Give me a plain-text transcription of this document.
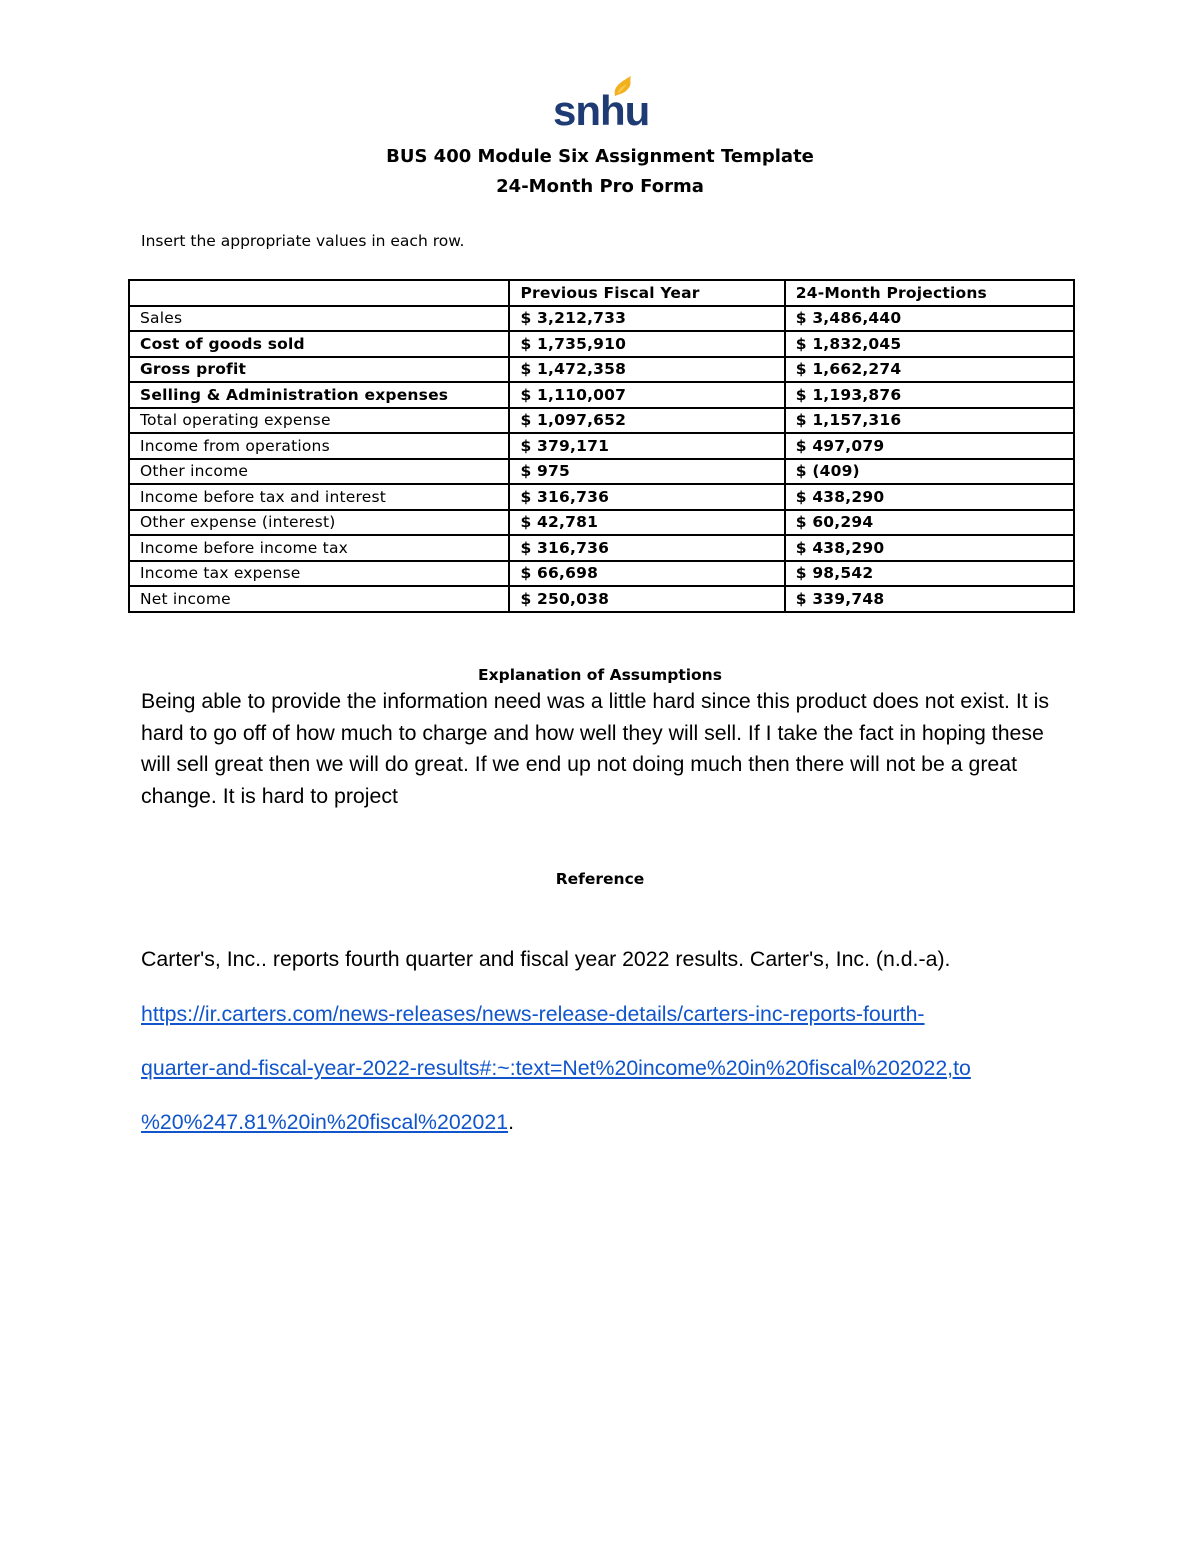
snhu
BUS 400 Module Six Assignment Template
24-Month Pro Forma
Insert the appropriate values in each row.
	Previous Fiscal Year	24-Month Projections
Sales	$ 3,212,733	$ 3,486,440
Cost of goods sold	$ 1,735,910	$ 1,832,045
Gross profit	$ 1,472,358	$ 1,662,274
Selling & Administration expenses	$ 1,110,007	$ 1,193,876
Total operating expense	$ 1,097,652	$ 1,157,316
Income from operations	$ 379,171	$ 497,079
Other income	$ 975	$ (409)
Income before tax and interest	$ 316,736	$ 438,290
Other expense (interest)	$ 42,781	$ 60,294
Income before income tax	$ 316,736	$ 438,290
Income tax expense	$ 66,698	$ 98,542
Net income	$ 250,038	$ 339,748
Explanation of Assumptions
Being able to provide the information need was a little hard since this product does not exist. It is hard to go off of how much to charge and how well they will sell. If I take the fact in hoping these will sell great then we will do great. If we end up not doing much then there will not be a great change. It is hard to project
Reference
Carter's, Inc.. reports fourth quarter and fiscal year 2022 results. Carter's, Inc. (n.d.-a).
https://ir.carters.com/news-releases/news-release-details/carters-inc-reports-fourth-
quarter-and-fiscal-year-2022-results#:~:text=Net%20income%20in%20fiscal%202022,to
%20%247.81%20in%20fiscal%202021.
